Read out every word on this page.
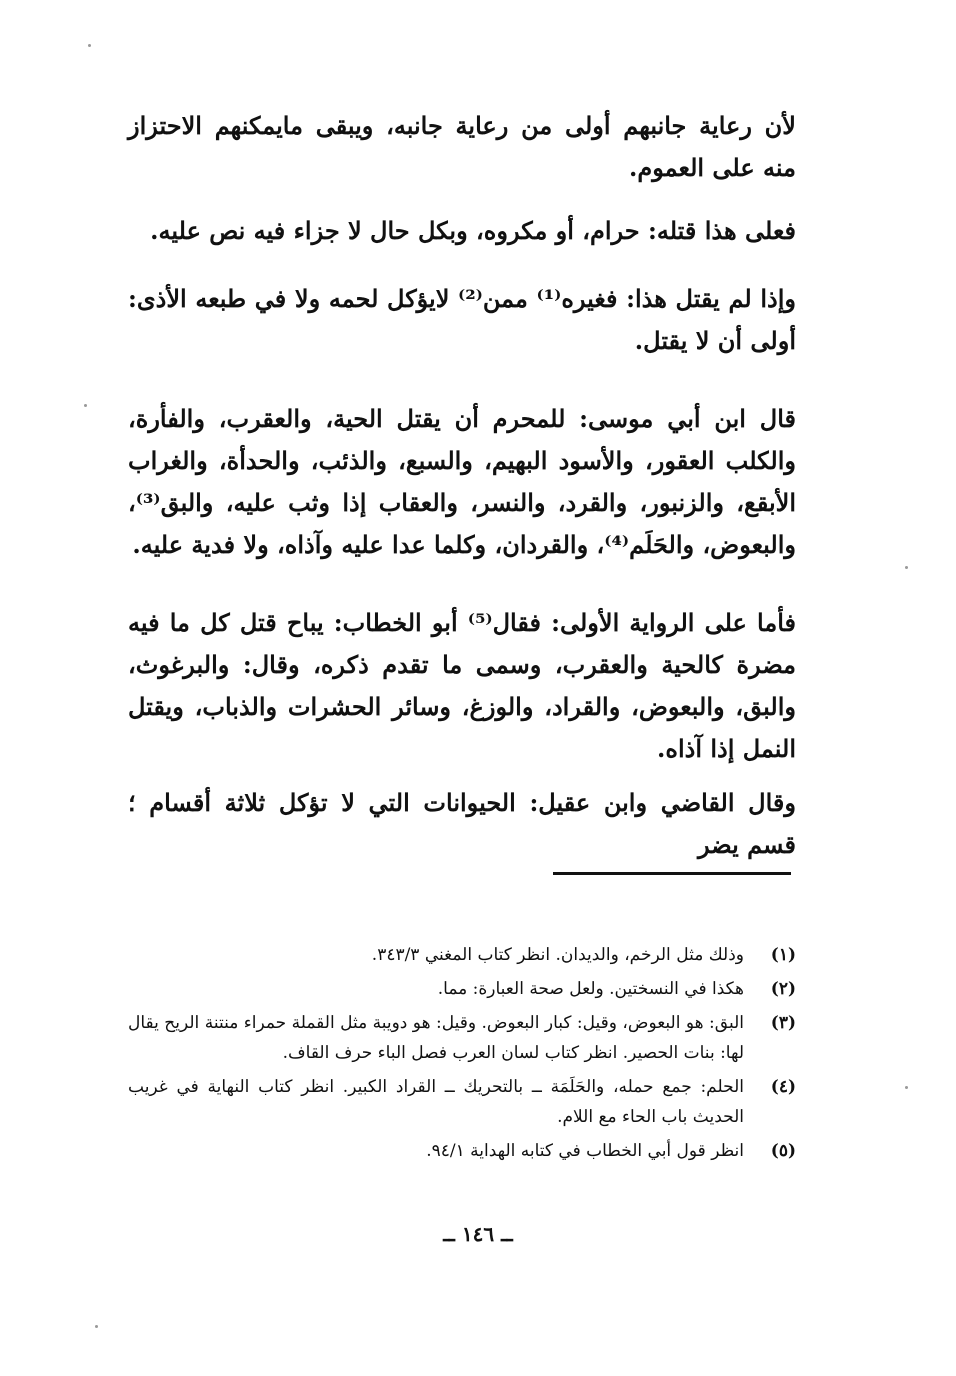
لأن رعاية جانبهم أولى من رعاية جانبه، ويبقى مايمكنهم الاحتزاز منه على العموم.

فعلى هذا قتله: حرام، أو مكروه، وبكل حال لا جزاء فيه نص عليه.

وإذا لم يقتل هذا: فغيره⁽¹⁾ ممن⁽²⁾ لايؤكل لحمه ولا في طبعه الأذى: أولى أن لا يقتل.

قال ابن أبي موسى: للمحرم أن يقتل الحية، والعقرب، والفأرة، والكلب العقور، والأسود البهيم، والسبع، والذئب، والحدأة، والغراب الأبقع، والزنبور، والقرد، والنسر، والعقاب إذا وثب عليه، والبق⁽³⁾، والبعوض، والحَلَم⁽⁴⁾، والقردان، وكلما عدا عليه وآذاه، ولا فدية عليه.

فأما على الرواية الأولى: فقال⁽⁵⁾ أبو الخطاب: يباح قتل كل ما فيه مضرة كالحية والعقرب، وسمى ما تقدم ذكره، وقال: والبرغوث، والبق، والبعوض، والقراد، والوزغ، وسائر الحشرات والذباب، ويقتل النمل إذا آذاه.

وقال القاضي وابن عقيل: الحيوانات التي لا تؤكل ثلاثة أقسام ؛ قسم يضر

(١)
وذلك مثل الرخم، والديدان. انظر كتاب المغني ٣٤٣/٣.
(٢)
هكذا في النسختين. ولعل صحة العبارة: مما.
(٣)
البق: هو البعوض، وقيل: كبار البعوض. وقيل: هو دويبة مثل القملة حمراء منتنة الريح يقال لها: بنات الحصير. انظر كتاب لسان العرب فصل الباء حرف القاف.
(٤)
الحلم: جمع حمله، والحَلَمَة ــ بالتحريك ــ القراد الكبير. انظر كتاب النهاية في غريب الحديث باب الحاء مع اللام.
(٥)
انظر قول أبي الخطاب في كتابه الهداية ٩٤/١.
ــ ١٤٦ ــ
